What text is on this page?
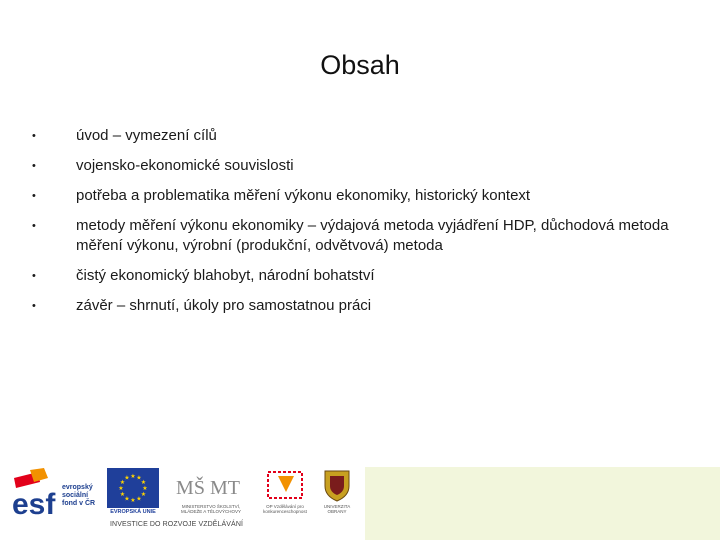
Obsah
•	úvod – vymezení cílů
•	vojensko-ekonomické souvislosti
•	potřeba a problematika měření výkonu ekonomiky, historický kontext
•	metody měření výkonu ekonomiky – výdajová metoda vyjádření HDP, důchodová metoda měření výkonu, výrobní (produkční, odvětvová) metoda
•	čistý ekonomický blahobyt, národní bohatství
•	závěr – shrnutí, úkoly pro samostatnou práci
esf
evropský sociální fond v ČR
★ ★
★
★
★
★
★
★
★
★
★
★
EVROPSKÁ UNIE
MŠ MT
MINISTERSTVO ŠKOLSTVÍ, MLÁDEŽE A TĚLOVÝCHOVY
OP Vzdělávání pro konkurenceschopnost
UNIVERZITA OBRANY
INVESTICE DO ROZVOJE VZDĚLÁVÁNÍ
